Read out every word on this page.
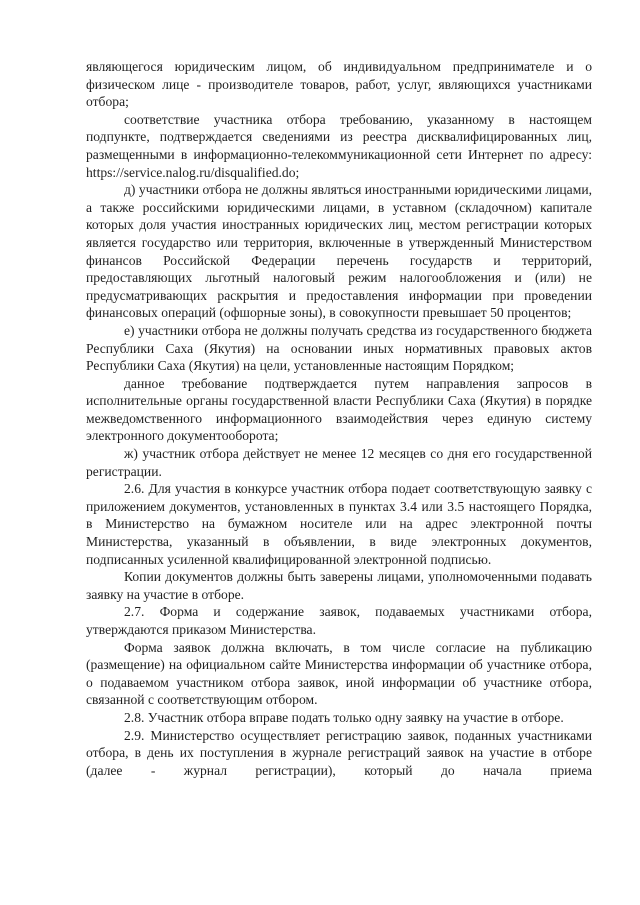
являющегося юридическим лицом, об индивидуальном предпринимателе и о физическом лице - производителе товаров, работ, услуг, являющихся участниками отбора;

соответствие участника отбора требованию, указанному в настоящем подпункте, подтверждается сведениями из реестра дисквалифицированных лиц, размещенными в информационно-телекоммуникационной сети Интернет по адресу: https://service.nalog.ru/disqualified.do;

д) участники отбора не должны являться иностранными юридическими лицами, а также российскими юридическими лицами, в уставном (складочном) капитале которых доля участия иностранных юридических лиц, местом регистрации которых является государство или территория, включенные в утвержденный Министерством финансов Российской Федерации перечень государств и территорий, предоставляющих льготный налоговый режим налогообложения и (или) не предусматривающих раскрытия и предоставления информации при проведении финансовых операций (офшорные зоны), в совокупности превышает 50 процентов;

е) участники отбора не должны получать средства из государственного бюджета Республики Саха (Якутия) на основании иных нормативных правовых актов Республики Саха (Якутия) на цели, установленные настоящим Порядком;

данное требование подтверждается путем направления запросов в исполнительные органы государственной власти Республики Саха (Якутия) в порядке межведомственного информационного взаимодействия через единую систему электронного документооборота;

ж) участник отбора действует не менее 12 месяцев со дня его государственной регистрации.

2.6. Для участия в конкурсе участник отбора подает соответствующую заявку с приложением документов, установленных в пунктах 3.4 или 3.5 настоящего Порядка, в Министерство на бумажном носителе или на адрес электронной почты Министерства, указанный в объявлении, в виде электронных документов, подписанных усиленной квалифицированной электронной подписью.

Копии документов должны быть заверены лицами, уполномоченными подавать заявку на участие в отборе.

2.7. Форма и содержание заявок, подаваемых участниками отбора, утверждаются приказом Министерства.

Форма заявок должна включать, в том числе согласие на публикацию (размещение) на официальном сайте Министерства информации об участнике отбора, о подаваемом участником отбора заявок, иной информации об участнике отбора, связанной с соответствующим отбором.

2.8. Участник отбора вправе подать только одну заявку на участие в отборе.

2.9. Министерство осуществляет регистрацию заявок, поданных участниками отбора, в день их поступления в журнале регистраций заявок на участие в отборе (далее - журнал регистрации), который до начала приема
